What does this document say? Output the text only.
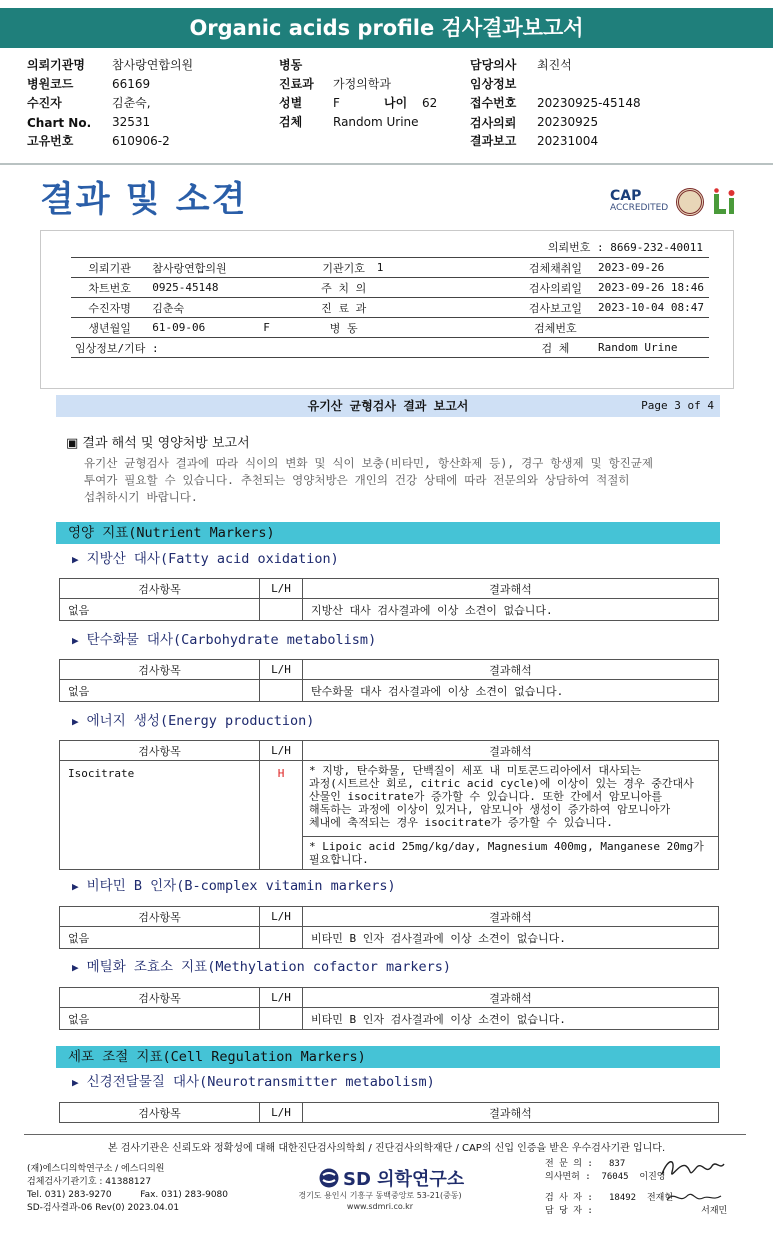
Organic acids profile 검사결과보고서
의뢰기관명 참사랑연합의원
병원코드	66169
수진자	김춘숙,
Chart No. 32531
고유번호	610906-2
병동
진료과 가정의학과
성별	F	나이 62
검체	Random Urine
담당의사 최진석
임상정보
접수번호 20230925-45148
검사의뢰 20230925
결과보고 20231004
결과 및 소견	CAP
ACCREDITED
의뢰번호 : 8669-232-40011
의뢰기관	참사랑연합의원	기관기호	1	검체채취일	2023-09-26
차트번호	0925-45148	주 치 의		검사의뢰일	2023-09-26 18:46
수진자명	김춘숙	진 료 과		검사보고일	2023-10-04 08:47
생년월일	61-09-06 F	병 동		검체번호	
임상정보/기타 :				검 체	Random Urine
유기산 균형검사 결과 보고서	Page 3 of 4
▣ 결과 해석 및 영양처방 보고서
유기산 균형검사 결과에 따라 식이의 변화 및 식이 보충(비타민, 항산화제 등), 경구 항생제 및 항진균제
투여가 필요할 수 있습니다. 추천되는 영양처방은 개인의 건강 상태에 따라 전문의와 상담하여 적절히
섭취하시기 바랍니다.
영양 지표(Nutrient Markers)
▶ 지방산 대사(Fatty acid oxidation)
검사항목	L/H	결과해석
없음		지방산 대사 검사결과에 이상 소견이 없습니다.
▶ 탄수화물 대사(Carbohydrate metabolism)
검사항목	L/H	결과해석
없음		탄수화물 대사 검사결과에 이상 소견이 없습니다.
▶ 에너지 생성(Energy production)
검사항목	L/H	결과해석
Isocitrate	H	* 지방, 탄수화물, 단백질이 세포 내 미토콘드리아에서 대사되는
과정(시트르산 회로, citric acid cycle)에 이상이 있는 경우 중간대사
산물인 isocitrate가 증가할 수 있습니다. 또한 간에서 암모니아를
해독하는 과정에 이상이 있거나, 암모니아 생성이 증가하여 암모니아가
체내에 축적되는 경우 isocitrate가 증가할 수 있습니다.

		* Lipoic acid 25mg/kg/day, Magnesium 400mg, Manganese 20mg가
필요합니다.
▶ 비타민 B 인자(B-complex vitamin markers)
검사항목	L/H	결과해석
없음		비타민 B 인자 검사결과에 이상 소견이 없습니다.
▶ 메틸화 조효소 지표(Methylation cofactor markers)
검사항목	L/H	결과해석
없음		비타민 B 인자 검사결과에 이상 소견이 없습니다.
세포 조절 지표(Cell Regulation Markers)
▶ 신경전달물질 대사(Neurotransmitter metabolism)
검사항목	L/H	결과해석
본 검사기관은 신뢰도와 정확성에 대해 대한진단검사의학회 / 진단검사의학재단 / CAP의 신입 인증을 받은 우수검사기관 입니다.
(재)에스디의학연구소 / 에스디의원
검체검사기관기호 : 41388127
Tel. 031) 283-9270          Fax. 031) 283-9080
SD-검사결과-06 Rev(0) 2023.04.01
SD 의학연구소
경기도 용인시 기흥구 동백중앙로 53-21(중동)
www.sdmri.co.kr
전 문 의 :   837
의사면허 :  76045  이진영
검 사 자 :   18492  전재현
담 당 자 :                    서재민
